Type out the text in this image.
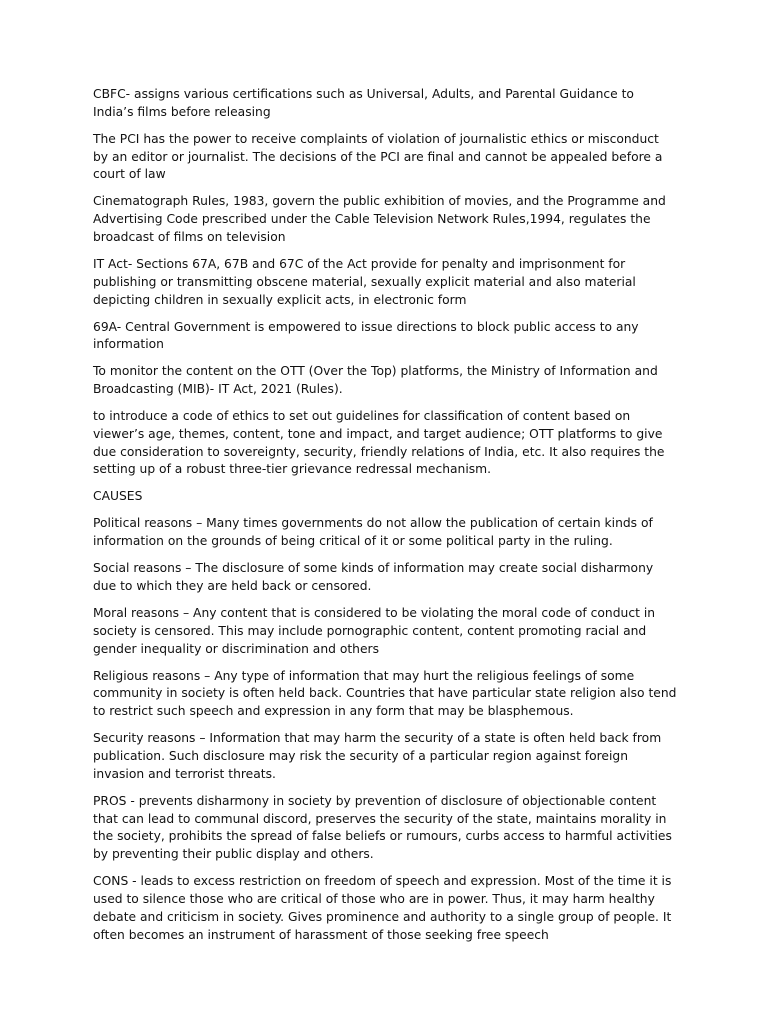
CBFC- assigns various certifications such as Universal, Adults, and Parental Guidance to India’s films before releasing

The PCI has the power to receive complaints of violation of journalistic ethics or misconduct by an editor or journalist. The decisions of the PCI are final and cannot be appealed before a court of law

Cinematograph Rules, 1983, govern the public exhibition of movies, and the Programme and Advertising Code prescribed under the Cable Television Network Rules,1994, regulates the broadcast of films on television

IT Act- Sections 67A, 67B and 67C of the Act provide for penalty and imprisonment for publishing or transmitting obscene material, sexually explicit material and also material depicting children in sexually explicit acts, in electronic form

69A- Central Government is empowered to issue directions to block public access to any information

To monitor the content on the OTT (Over the Top) platforms, the Ministry of Information and Broadcasting (MIB)- IT Act, 2021 (Rules).

to introduce a code of ethics to set out guidelines for classification of content based on viewer’s age, themes, content, tone and impact, and target audience; OTT platforms to give due consideration to sovereignty, security, friendly relations of India, etc. It also requires the setting up of a robust three-tier grievance redressal mechanism.

CAUSES

Political reasons – Many times governments do not allow the publication of certain kinds of information on the grounds of being critical of it or some political party in the ruling.

Social reasons – The disclosure of some kinds of information may create social disharmony due to which they are held back or censored.

Moral reasons – Any content that is considered to be violating the moral code of conduct in society is censored. This may include pornographic content, content promoting racial and gender inequality or discrimination and others

Religious reasons – Any type of information that may hurt the religious feelings of some community in society is often held back. Countries that have particular state religion also tend to restrict such speech and expression in any form that may be blasphemous.

Security reasons – Information that may harm the security of a state is often held back from publication. Such disclosure may risk the security of a particular region against foreign invasion and terrorist threats.

PROS - prevents disharmony in society by prevention of disclosure of objectionable content that can lead to communal discord, preserves the security of the state, maintains morality in the society, prohibits the spread of false beliefs or rumours, curbs access to harmful activities by preventing their public display and others.

CONS - leads to excess restriction on freedom of speech and expression. Most of the time it is used to silence those who are critical of those who are in power. Thus, it may harm healthy debate and criticism in society. Gives prominence and authority to a single group of people. It often becomes an instrument of harassment of those seeking free speech
